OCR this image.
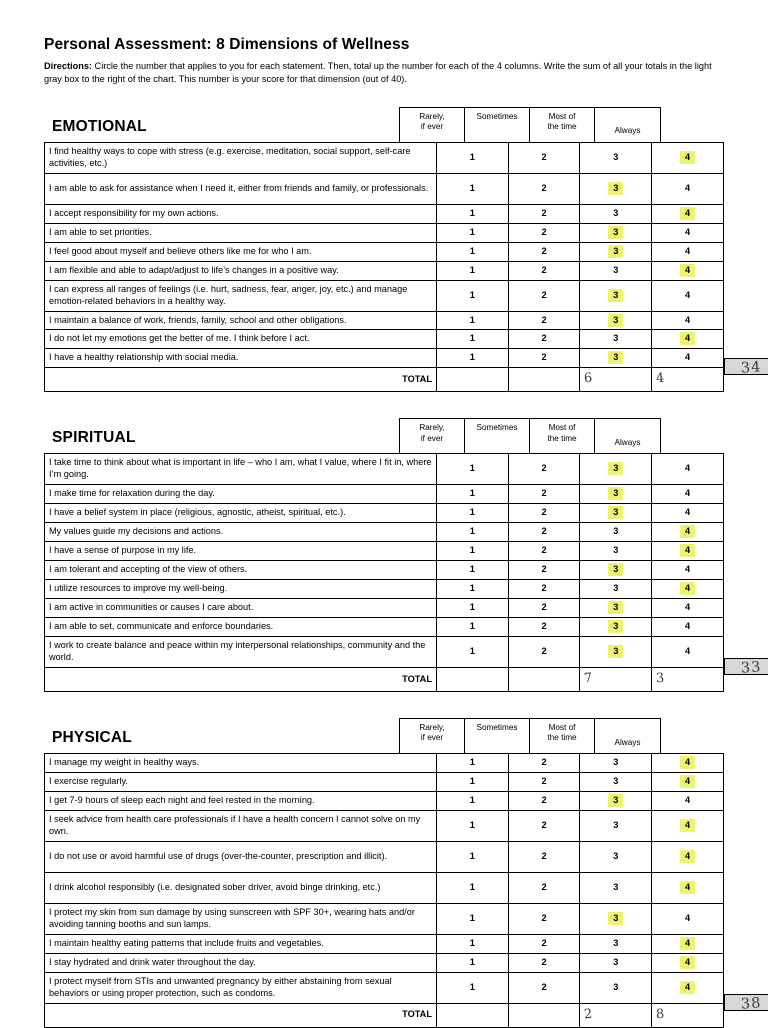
Personal Assessment: 8 Dimensions of Wellness

Directions: Circle the number that applies to you for each statement. Then, total up the number for each of the 4 columns. Write the sum of all your totals in the light gray box to the right of the chart. This number is your score for that dimension (out of 40).

EMOTIONAL
Rarely,
if ever
Sometimes	Most of
the time	Always
I find healthy ways to cope with stress (e.g. exercise, meditation, social support, self-care activities, etc.)	1	2	3	4
I am able to ask for assistance when I need it, either from friends and family, or professionals.	1	2	3	4
I accept responsibility for my own actions.	1	2	3	4
I am able to set priorities.	1	2	3	4
I feel good about myself and believe others like me for who I am.	1	2	3	4
I am flexible and able to adapt/adjust to life’s changes in a positive way.	1	2	3	4
I can express all ranges of feelings (i.e. hurt, sadness, fear, anger, joy, etc.) and manage emotion-related behaviors in a healthy way.	1	2	3	4
I maintain a balance of work, friends, family, school and other obligations.	1	2	3	4
I do not let my emotions get the better of me. I think before I act.	1	2	3	4
I have a healthy relationship with social media.	1	2	3	4
TOTAL			6	4
34
SPIRITUAL
Rarely,
if ever
Sometimes	Most of
the time	Always
I take time to think about what is important in life – who I am, what I value, where I fit in, where I’m going.	1	2	3	4
I make time for relaxation during the day.	1	2	3	4
I have a belief system in place (religious, agnostic, atheist, spiritual, etc.).	1	2	3	4
My values guide my decisions and actions.	1	2	3	4
I have a sense of purpose in my life.	1	2	3	4
I am tolerant and accepting of the view of others.	1	2	3	4
I utilize resources to improve my well-being.	1	2	3	4
I am active in communities or causes I care about.	1	2	3	4
I am able to set, communicate and enforce boundaries.	1	2	3	4
I work to create balance and peace within my interpersonal relationships, community and the world.	1	2	3	4
TOTAL			7	3
33
PHYSICAL
Rarely,
if ever
Sometimes	Most of
the time	Always
I manage my weight in healthy ways.	1	2	3	4
I exercise regularly.	1	2	3	4
I get 7-9 hours of sleep each night and feel rested in the morning.	1	2	3	4
I seek advice from health care professionals if I have a health concern I cannot solve on my own.	1	2	3	4
I do not use or avoid harmful use of drugs (over-the-counter, prescription and illicit).	1	2	3	4
I drink alcohol responsibly (i.e. designated sober driver, avoid binge drinking, etc.)	1	2	3	4
I protect my skin from sun damage by using sunscreen with SPF 30+, wearing hats and/or avoiding tanning booths and sun lamps.	1	2	3	4
I maintain healthy eating patterns that include fruits and vegetables.	1	2	3	4
I stay hydrated and drink water throughout the day.	1	2	3	4
I protect myself from STIs and unwanted pregnancy by either abstaining from sexual behaviors or using proper protection, such as condoms.	1	2	3	4
TOTAL			2	8
38
